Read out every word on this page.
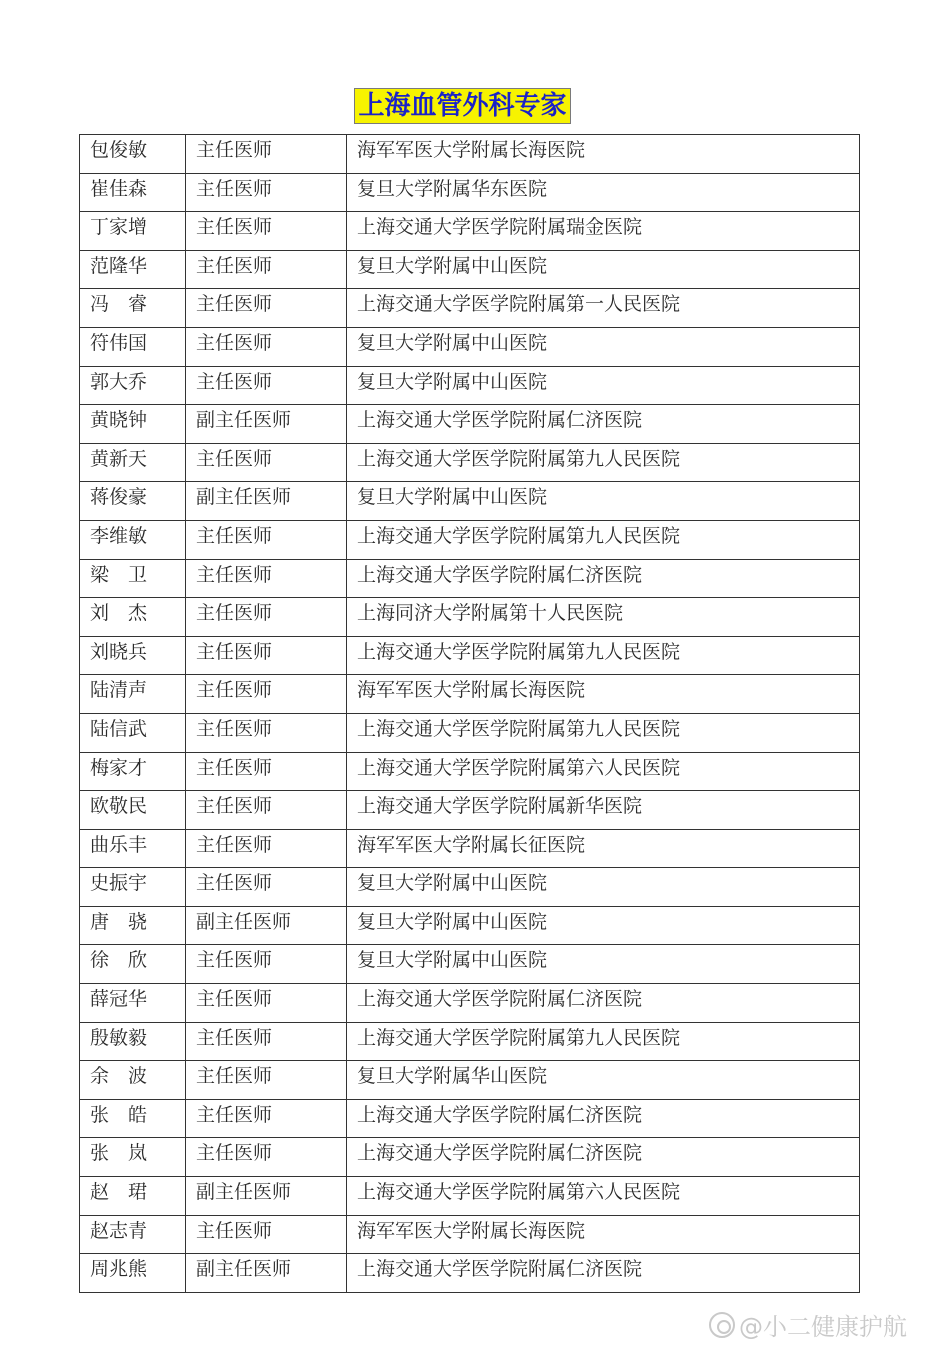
上海血管外科专家
包俊敏	主任医师	海军军医大学附属长海医院
崔佳森	主任医师	复旦大学附属华东医院
丁家增	主任医师	上海交通大学医学院附属瑞金医院
范隆华	主任医师	复旦大学附属中山医院
冯　睿	主任医师	上海交通大学医学院附属第一人民医院
符伟国	主任医师	复旦大学附属中山医院
郭大乔	主任医师	复旦大学附属中山医院
黄晓钟	副主任医师	上海交通大学医学院附属仁济医院
黄新天	主任医师	上海交通大学医学院附属第九人民医院
蒋俊豪	副主任医师	复旦大学附属中山医院
李维敏	主任医师	上海交通大学医学院附属第九人民医院
梁　卫	主任医师	上海交通大学医学院附属仁济医院
刘　杰	主任医师	上海同济大学附属第十人民医院
刘晓兵	主任医师	上海交通大学医学院附属第九人民医院
陆清声	主任医师	海军军医大学附属长海医院
陆信武	主任医师	上海交通大学医学院附属第九人民医院
梅家才	主任医师	上海交通大学医学院附属第六人民医院
欧敬民	主任医师	上海交通大学医学院附属新华医院
曲乐丰	主任医师	海军军医大学附属长征医院
史振宇	主任医师	复旦大学附属中山医院
唐　骁	副主任医师	复旦大学附属中山医院
徐　欣	主任医师	复旦大学附属中山医院
薛冠华	主任医师	上海交通大学医学院附属仁济医院
殷敏毅	主任医师	上海交通大学医学院附属第九人民医院
余　波	主任医师	复旦大学附属华山医院
张　皓	主任医师	上海交通大学医学院附属仁济医院
张　岚	主任医师	上海交通大学医学院附属仁济医院
赵　珺	副主任医师	上海交通大学医学院附属第六人民医院
赵志青	主任医师	海军军医大学附属长海医院
周兆熊	副主任医师	上海交通大学医学院附属仁济医院
@小二健康护航
